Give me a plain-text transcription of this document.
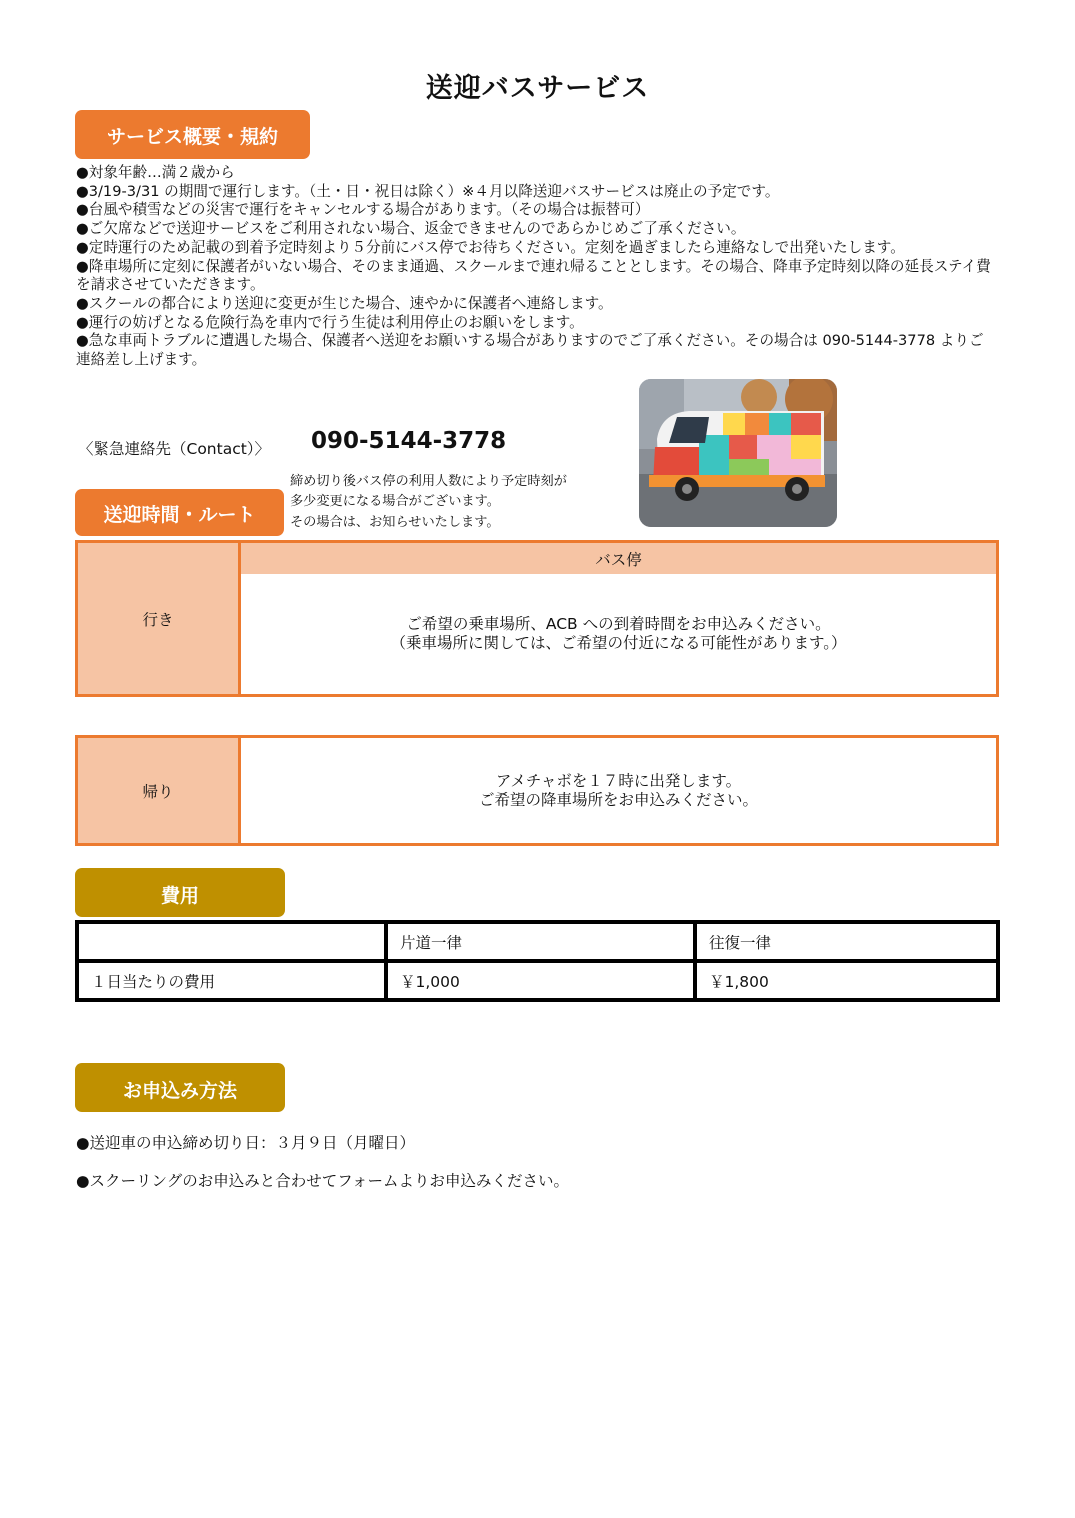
送迎バスサービス
サービス概要・規約
●対象年齢…満２歳から
●3/19-3/31 の期間で運行します。（土・日・祝日は除く）※４月以降送迎バスサービスは廃止の予定です。
●台風や積雪などの災害で運行をキャンセルする場合があります。（その場合は振替可）
●ご欠席などで送迎サービスをご利用されない場合、返金できませんのであらかじめご了承ください。
●定時運行のため記載の到着予定時刻より５分前にバス停でお待ちください。定刻を過ぎましたら連絡なしで出発いたします。
●降車場所に定刻に保護者がいない場合、そのまま通過、スクールまで連れ帰ることとします。その場合、降車予定時刻以降の延長ステイ費を請求させていただきます。
●スクールの都合により送迎に変更が生じた場合、速やかに保護者へ連絡します。
●運行の妨げとなる危険行為を車内で行う生徒は利用停止のお願いをします。
●急な車両トラブルに遭遇した場合、保護者へ送迎をお願いする場合がありますのでご了承ください。その場合は 090-5144-3778 よりご連絡差し上げます。
〈緊急連絡先（Contact）〉 090-5144-3778
締め切り後バス停の利用人数により予定時刻が
多少変更になる場合がございます。
その場合は、お知らせいたします。
送迎時間・ルート
行き
バス停
ご希望の乗車場所、ACB への到着時間をお申込みください。
（乗車場所に関しては、ご希望の付近になる可能性があります。）
帰り
アメチャボを１７時に出発します。
ご希望の降車場所をお申込みください。
費用
	片道一律	往復一律
１日当たりの費用	￥1,000	￥1,800
お申込み方法
●送迎車の申込締め切り日：３月９日（月曜日）
●スクーリングのお申込みと合わせてフォームよりお申込みください。
